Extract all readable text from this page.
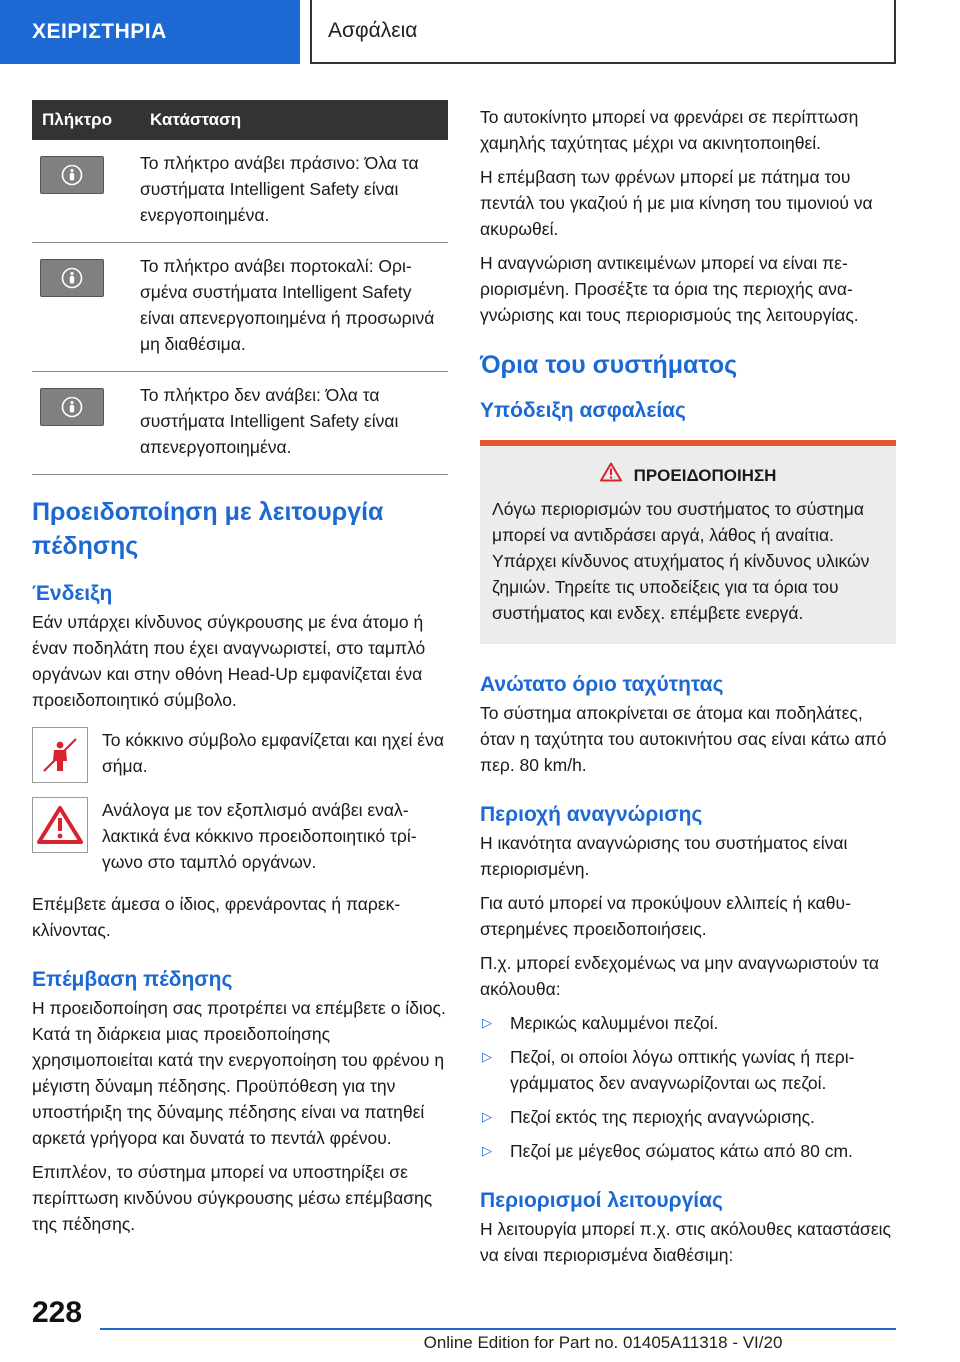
ΧΕΙΡΙΣΤΗΡΙΑ	Ασφάλεια
Πλήκτρο	Κατάσταση

	Το πλήκτρο ανάβει πράσινο: Όλα τα συστήματα Intelligent Safety είναι ενεργοποιημένα.

	Το πλήκτρο ανάβει πορτοκαλί: Ορισμένα συστήματα Intelligent Safety είναι απενεργοποιημένα ή προσωρινά μη διαθέσιμα.

	Το πλήκτρο δεν ανάβει: Όλα τα συστήματα Intelligent Safety είναι απενεργοποιημένα.
Προειδοποίηση με λειτουργία πέδησης
Ένδειξη

Εάν υπάρχει κίνδυνος σύγκρουσης με ένα άτομο ή έναν ποδηλάτη που έχει αναγνωριστεί, στο ταμπλό οργάνων και στην οθόνη Head-Up εμφανίζεται ένα προειδοποιητικό σύμβολο.

Το κόκκινο σύμβολο εμφανίζεται και ηχεί ένα σήμα.

Ανάλογα με τον εξοπλισμό ανάβει εναλλακτικά ένα κόκκινο προειδοποιητικό τρίγωνο στο ταμπλό οργάνων.

Επέμβετε άμεσα ο ίδιος, φρενάροντας ή παρεκκλίνοντας.

Επέμβαση πέδησης

Η προειδοποίηση σας προτρέπει να επέμβετε ο ίδιος. Κατά τη διάρκεια μιας προειδοποίησης χρησιμοποιείται κατά την ενεργοποίηση του φρένου η μέγιστη δύναμη πέδησης. Προϋπόθεση για την υποστήριξη της δύναμης πέδησης είναι να πατηθεί αρκετά γρήγορα και δυνατά το πεντάλ φρένου.

Επιπλέον, το σύστημα μπορεί να υποστηρίξει σε περίπτωση κινδύνου σύγκρουσης μέσω επέμβασης της πέδησης.

Το αυτοκίνητο μπορεί να φρενάρει σε περίπτωση χαμηλής ταχύτητας μέχρι να ακινητοποιηθεί.

Η επέμβαση των φρένων μπορεί με πάτημα του πεντάλ του γκαζιού ή με μια κίνηση του τιμονιού να ακυρωθεί.

Η αναγνώριση αντικειμένων μπορεί να είναι περιορισμένη. Προσέξτε τα όρια της περιοχής αναγνώρισης και τους περιορισμούς της λειτουργίας.

Όρια του συστήματος
Υπόδειξη ασφαλείας
ΠΡΟΕΙΔΟΠΟΙΗΣΗ

Λόγω περιορισμών του συστήματος το σύστημα μπορεί να αντιδράσει αργά, λάθος ή αναίτια. Υπάρχει κίνδυνος ατυχήματος ή κίνδυνος υλικών ζημιών. Τηρείτε τις υποδείξεις για τα όρια του συστήματος και ενδεχ. επέμβετε ενεργά.

Ανώτατο όριο ταχύτητας

Το σύστημα αποκρίνεται σε άτομα και ποδηλάτες, όταν η ταχύτητα του αυτοκινήτου σας είναι κάτω από περ. 80 km/h.

Περιοχή αναγνώρισης

Η ικανότητα αναγνώρισης του συστήματος είναι περιορισμένη.

Για αυτό μπορεί να προκύψουν ελλιπείς ή καθυστερημένες προειδοποιήσεις.

Π.χ. μπορεί ενδεχομένως να μην αναγνωριστούν τα ακόλουθα:

▷ Μερικώς καλυμμένοι πεζοί.
▷ Πεζοί, οι οποίοι λόγω οπτικής γωνίας ή περιγράμματος δεν αναγνωρίζονται ως πεζοί.
▷ Πεζοί εκτός της περιοχής αναγνώρισης.
▷ Πεζοί με μέγεθος σώματος κάτω από 80 cm.
Περιορισμοί λειτουργίας

Η λειτουργία μπορεί π.χ. στις ακόλουθες καταστάσεις να είναι περιορισμένα διαθέσιμη:

228
Online Edition for Part no. 01405A11318 - VI/20
